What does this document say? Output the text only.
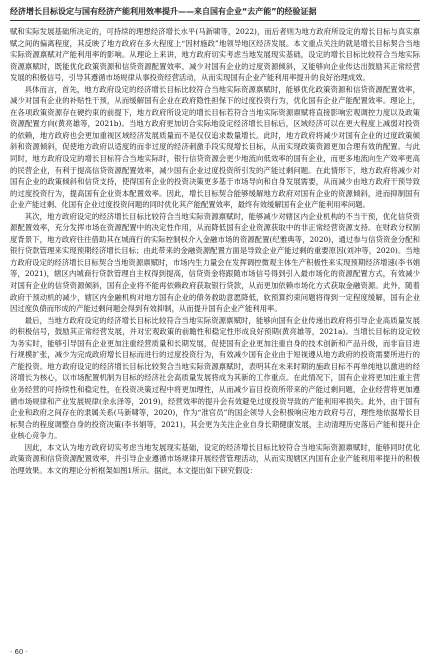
经济增长目标设定与国有经济产能利用效率提升——来自国有企业“去产能”的经验证据

赋和实际发展基础所决定的，可持续的理想经济增长水平(马新啸等，2022)，而后者则为地方政府所设定的增长目标与真实禀赋之间的偏离程度，其反映了地方政府在多大程度上“因材施政”地领导地区经济发展。本文重点关注的就是增长目标契合当地实际资源禀赋对产能利用率的影响。从理论上来讲，地方政府切实考虑当地发展现实基础，设定的增长目标比较符合当地实际资源禀赋时，既能优化政策资源和信贷资源配置效率、减少对国有企业的过度资源倾斜，又能够向企业传达出鼓励其正常经营发展的积极信号，引导其遵循市场规律从事投资经营活动，从而实现国有企业产能利用率提升的良好治理成效。

具体而言，首先，地方政府设定的经济增长目标比较符合当地实际资源禀赋时，能够优化政策资源和信贷资源配置效率，减少对国有企业的补贴性干预，从而缓解国有企业在政府隐性担保下的过度投资行为，优化国有企业产能配置效率。理论上，在各项政策资源存在硬约束的前提下，地方政府所设定的增长目标若符合当地实际资源禀赋将直接影响宏观调控力度以及政策资源配置方向(黄亮雄等，2021b)。当地方政府更加切合实际地设定经济增长目标后，区域经济可以在更大程度上减弱对投资的依赖，地方政府也会更加重视区域经济发展质量而不是仅仅追求数量增长。此时，地方政府将减少对国有企业的过度政策倾斜和资源倾斜，促使地方政府以适度的而非过度的经济刺激手段实现增长目标，从而实现政策资源更加合理有效的配置。与此同时，地方政府设定的增长目标符合当地实际时，银行信贷资源会更少地流向低效率的国有企业，而更多地流向生产效率更高的民营企业，有利于提高信贷资源配置效率，减少国有企业过度投资所引发的产能过剩问题。在此情形下，地方政府将减少对国有企业的政策倾斜和信贷支持，使得国有企业的投资决策更多基于市场导向和自身发展需要，从而减少由地方政府干预导致的过度投资行为，提高国有企业资本配置效率。因此，增长目标契合能够缓解地方政府对国有企业的资源倾斜，进而抑制国有企业产能过剩、化国有企业过度投资问题的同时优化其产能配置效率，最终有效缓解国有企业产能利用率问题。

其次，地方政府设定的经济增长目标比较符合当地实际资源禀赋时，能够减少对辖区内企业机构的不当干预，优化信贷资源配置效率，充分发挥市场在资源配置中的决定性作用，从而降低国有企业资源获取中的非正常经营资源支持。在财政分权制度背景下，地方政府往往借助其在城商行的实际控制权介入金融市场的资源配置(纪雅典等，2020)，通过参与信贷资金分配和银行贷款管理来实现预期经济增长目标；由此带来的金融资源配置方面是导致企业产能过剩的重要原因(刘冲等，2020)。当地方政府设定的经济增长目标契合当地资源禀赋时，市场内生力量会在发挥调控微观主体生产积极性来实现预期经济增速(李书娟等，2021)，辖区内城商行贷款管理自主权得到提高，信贷资金将跟随市场信号得到引入最市场化的资源配置方式，有效减少对国有企业的信贷资源倾斜，国有企业将不能再依赖政府获取银行贷款，从而更加依赖市场化方式获取金融资源。此外，随着政府干预动机的减少，辖区内金融机构对地方国有企业的债务救助意愿降低，软预算约束问题将得到一定程度缓解，国有企业因过度负债而形成的产能过剩问题会得到有效抑制，从而提升国有企业产能利用率。

最后，当地方政府设定的经济增长目标比较符合当地实际资源禀赋时，能够向国有企业传递出政府将引导企业高质量发展的积极信号，鼓励其正常经营发展，并对宏观政策的前瞻性和稳定性形成良好预期(黄亮雄等，2021a)。当增长目标的设定较为务实时，能够引导国有企业更加注重经营质量和长期发展，促使国有企业更加注重自身的技术创新和产品升级，而非盲目进行规模扩张，减少为完成政府增长目标而进行的过度投资行为，有效减少国有企业由于短视遵从地方政府的投资需要所进行的产能投资。地方政府设定的经济增长目标比较契合当地实际资源禀赋时，表明其在未来时期的施政目标不再单纯地以激进的经济增长为核心，以市场配置机制为目标的经济社会高质量发展将成为其新的工作重点。在此情况下，国有企业将更加注重主营业务经营的可持续性和稳定性，在投资决策过程中将更加理性，从而减少盲目投资所带来的产能过剩问题，企业经营将更加遵循市场规律和产业发展规律(余永泽等，2019)，经营效率的提升会有效避免过度投资导致的产能利用率损失。此外，由于国有企业和政府之间存在的隶属关系(马新啸等，2020)，作为“准官员”的国企领导人会积极响应地方政府号召，理性地依据增长目标契合的程度调整自身的投资决策(李书娟等，2021)，其会更为关注企业自身长期健康发展，主动清理历史落后产能和提升企业核心竞争力。

因此，本文认为地方政府切实考虑当地发展现实基础，设定的经济增长目标比较符合当地实际资源禀赋时，能够同时优化政策资源和信贷资源配置效率，并引导企业遵循市场规律开展经营管理活动，从而实现辖区内国有企业产能利用率提升的积极治理效果。本文的理论分析框架如图1所示。据此，本文提出如下研究假设：

· 60 ·
